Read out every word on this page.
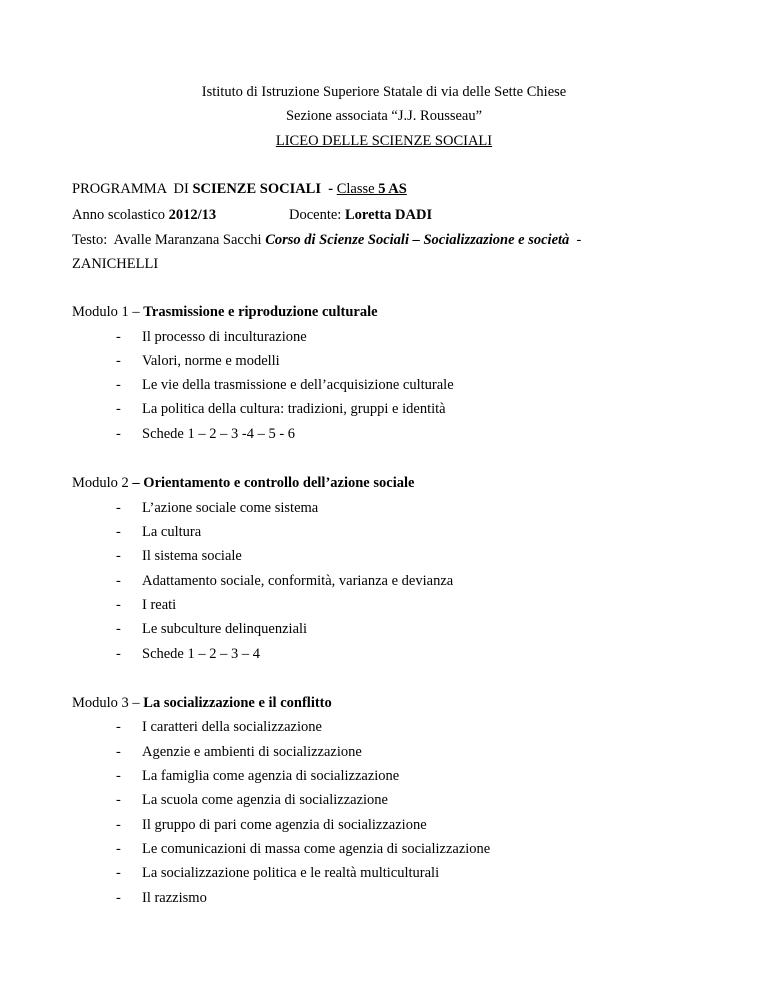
Istituto di Istruzione Superiore Statale di via delle Sette Chiese
Sezione associata “J.J. Rousseau”
LICEO DELLE SCIENZE SOCIALI
PROGRAMMA  DI SCIENZE SOCIALI  - Classe 5 AS
Anno scolastico 2012/13	Docente: Loretta DADI
Testo:  Avalle Maranzana Sacchi Corso di Scienze Sociali – Socializzazione e società  -
ZANICHELLI
Modulo 1 – Trasmissione e riproduzione culturale
- Il processo di inculturazione
- Valori, norme e modelli
- Le vie della trasmissione e dell’acquisizione culturale
- La politica della cultura: tradizioni, gruppi e identità
- Schede 1 – 2 – 3 -4 – 5 - 6
Modulo 2 – Orientamento e controllo dell’azione sociale
- L’azione sociale come sistema
- La cultura
- Il sistema sociale
- Adattamento sociale, conformità, varianza e devianza
- I reati
- Le subculture delinquenziali
- Schede 1 – 2 – 3 – 4
Modulo 3 – La socializzazione e il conflitto
- I caratteri della socializzazione
- Agenzie e ambienti di socializzazione
- La famiglia come agenzia di socializzazione
- La scuola come agenzia di socializzazione
- Il gruppo di pari come agenzia di socializzazione
- Le comunicazioni di massa come agenzia di socializzazione
- La socializzazione politica e le realtà multiculturali
- Il razzismo
